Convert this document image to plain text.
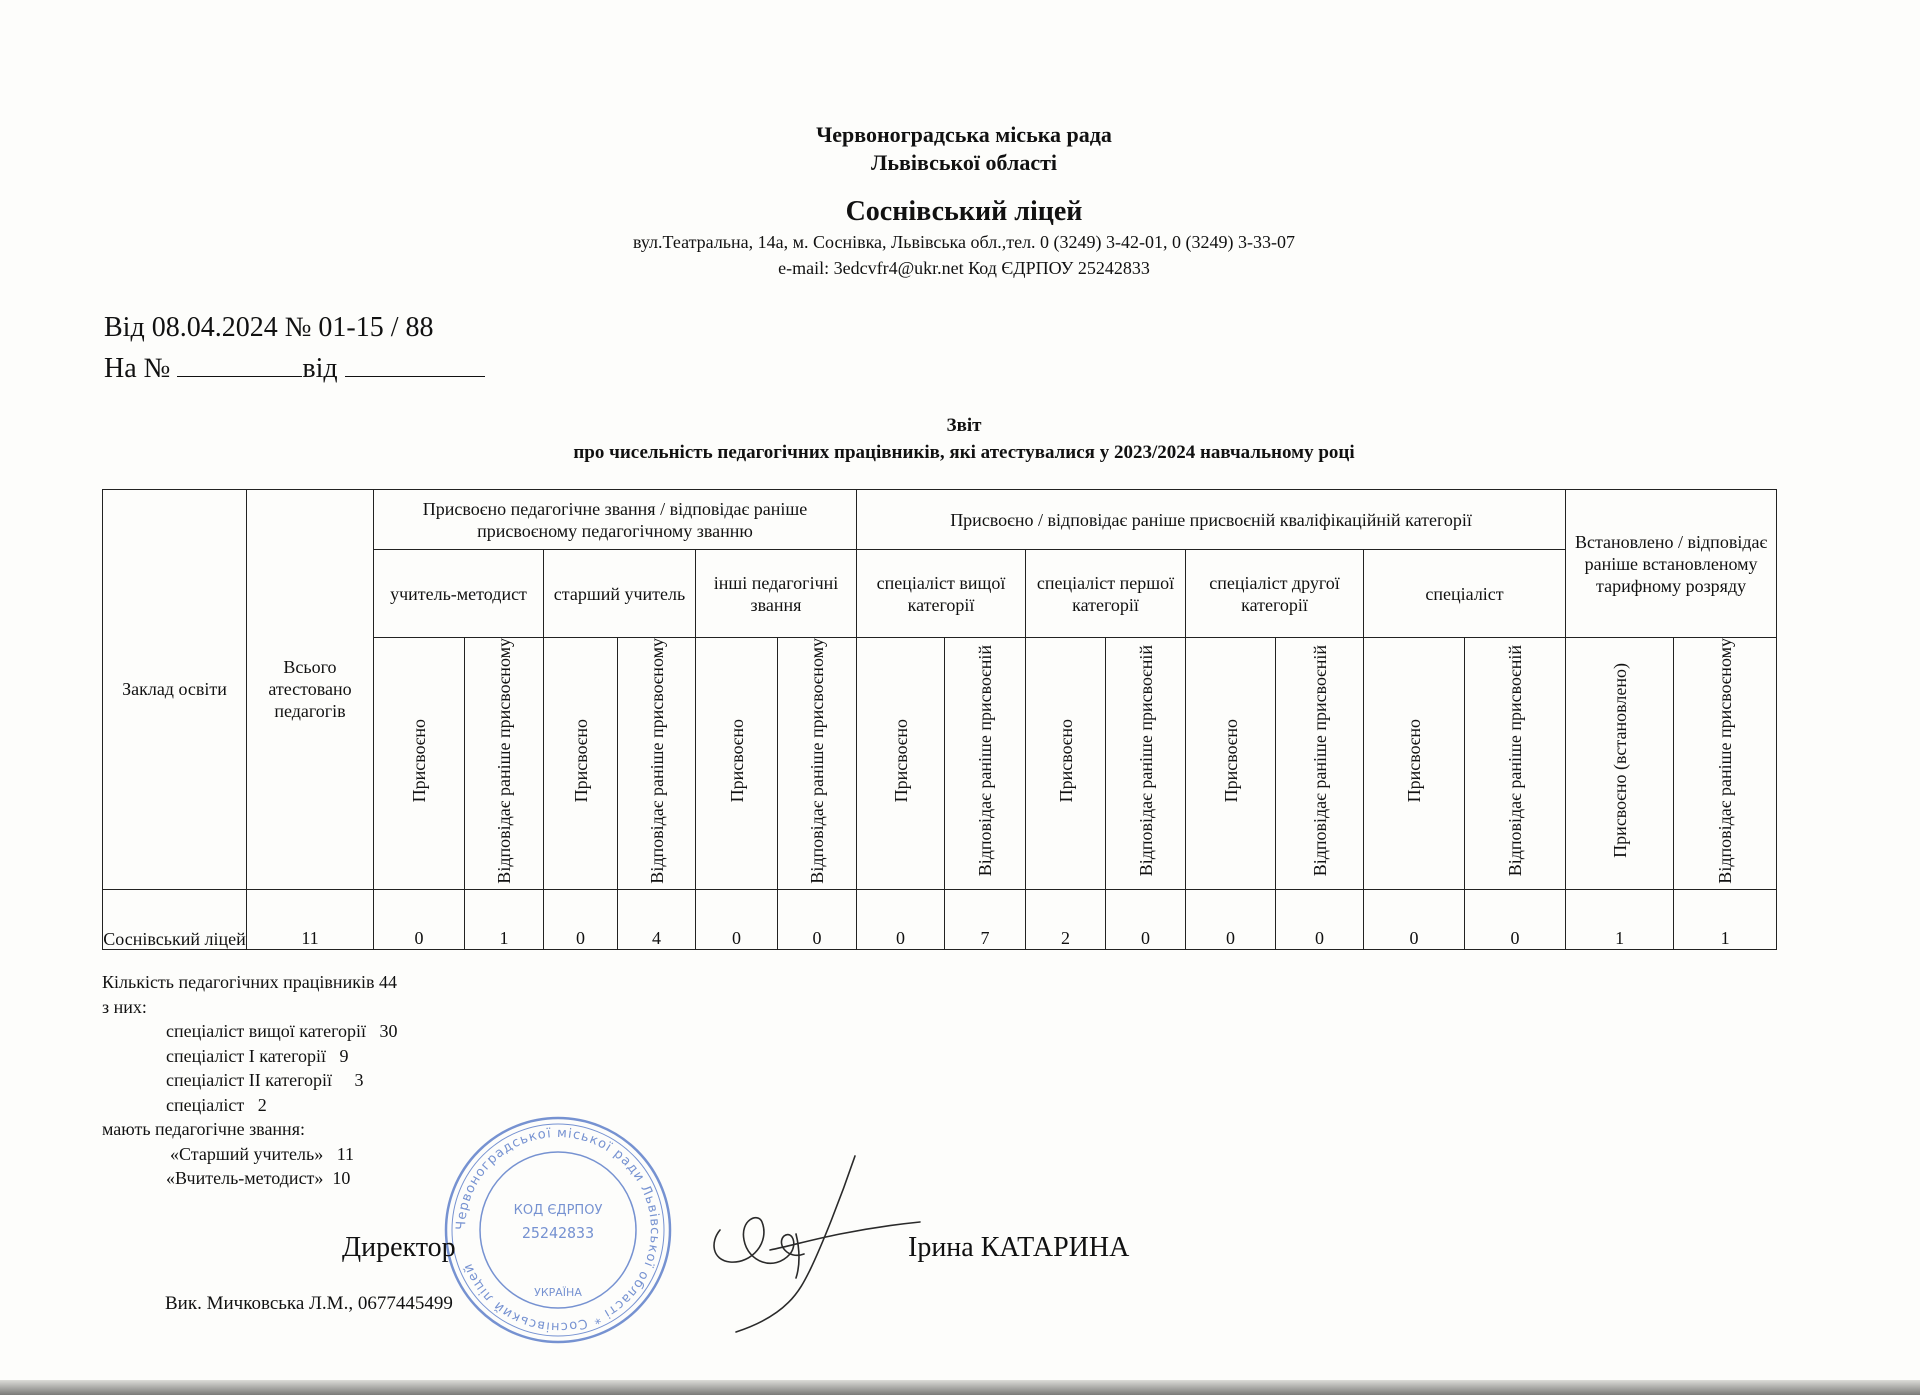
Червоноградська міська рада
Львівської області
Соснівський ліцей
вул.Театральна, 14а, м. Соснівка, Львівська обл.,тел. 0 (3249) 3-42-01, 0 (3249) 3-33-07
e-mail: 3edcvfr4@ukr.net Код ЄДРПОУ 25242833
Від 08.04.2024 № 01-15 / 88
На №	від
Звіт
про чисельність педагогічних працівників, які атестувалися у 2023/2024 навчальному році
Заклад освіти	Всього атестовано педагогів	Присвоєно педагогічне звання / відповідає раніше присвоєному педагогічному званню						Присвоєно / відповідає раніше присвоєній кваліфікаційній категорії								Встановлено / відповідає раніше встановленому тарифному розряду	
		учитель-методист		старший учитель		інші педагогічні звання		спеціаліст вищої категорії		спеціаліст першої категорії		спеціаліст другої категорії		спеціаліст			
		Присвоєно	Відповідає раніше присвоєному	Присвоєно	Відповідає раніше присвоєному	Присвоєно	Відповідає раніше присвоєному	Присвоєно	Відповідає раніше присвоєній	Присвоєно	Відповідає раніше присвоєній	Присвоєно	Відповідає раніше присвоєній	Присвоєно	Відповідає раніше присвоєній	Присвоєно (встановлено)	Відповідає раніше присвоєному
Соснівський ліцей	11	0	1	0	4	0	0	0	7	2	0	0	0	0	0	1	1
Кількість педагогічних працівників 44
з них:
спеціаліст вищої категорії   30
спеціаліст І категорії   9
спеціаліст ІІ категорії     3
спеціаліст   2
мають педагогічне звання:
«Старший учитель»   11
«Вчитель-методист»  10
Червоноградської міської ради Львівської області * Соснівський ліцей
КОД ЄДРПОУ
25242833
УКРАЇНА
Директор	Ірина КАТАРИНА
Вик. Мичковська Л.М., 0677445499
